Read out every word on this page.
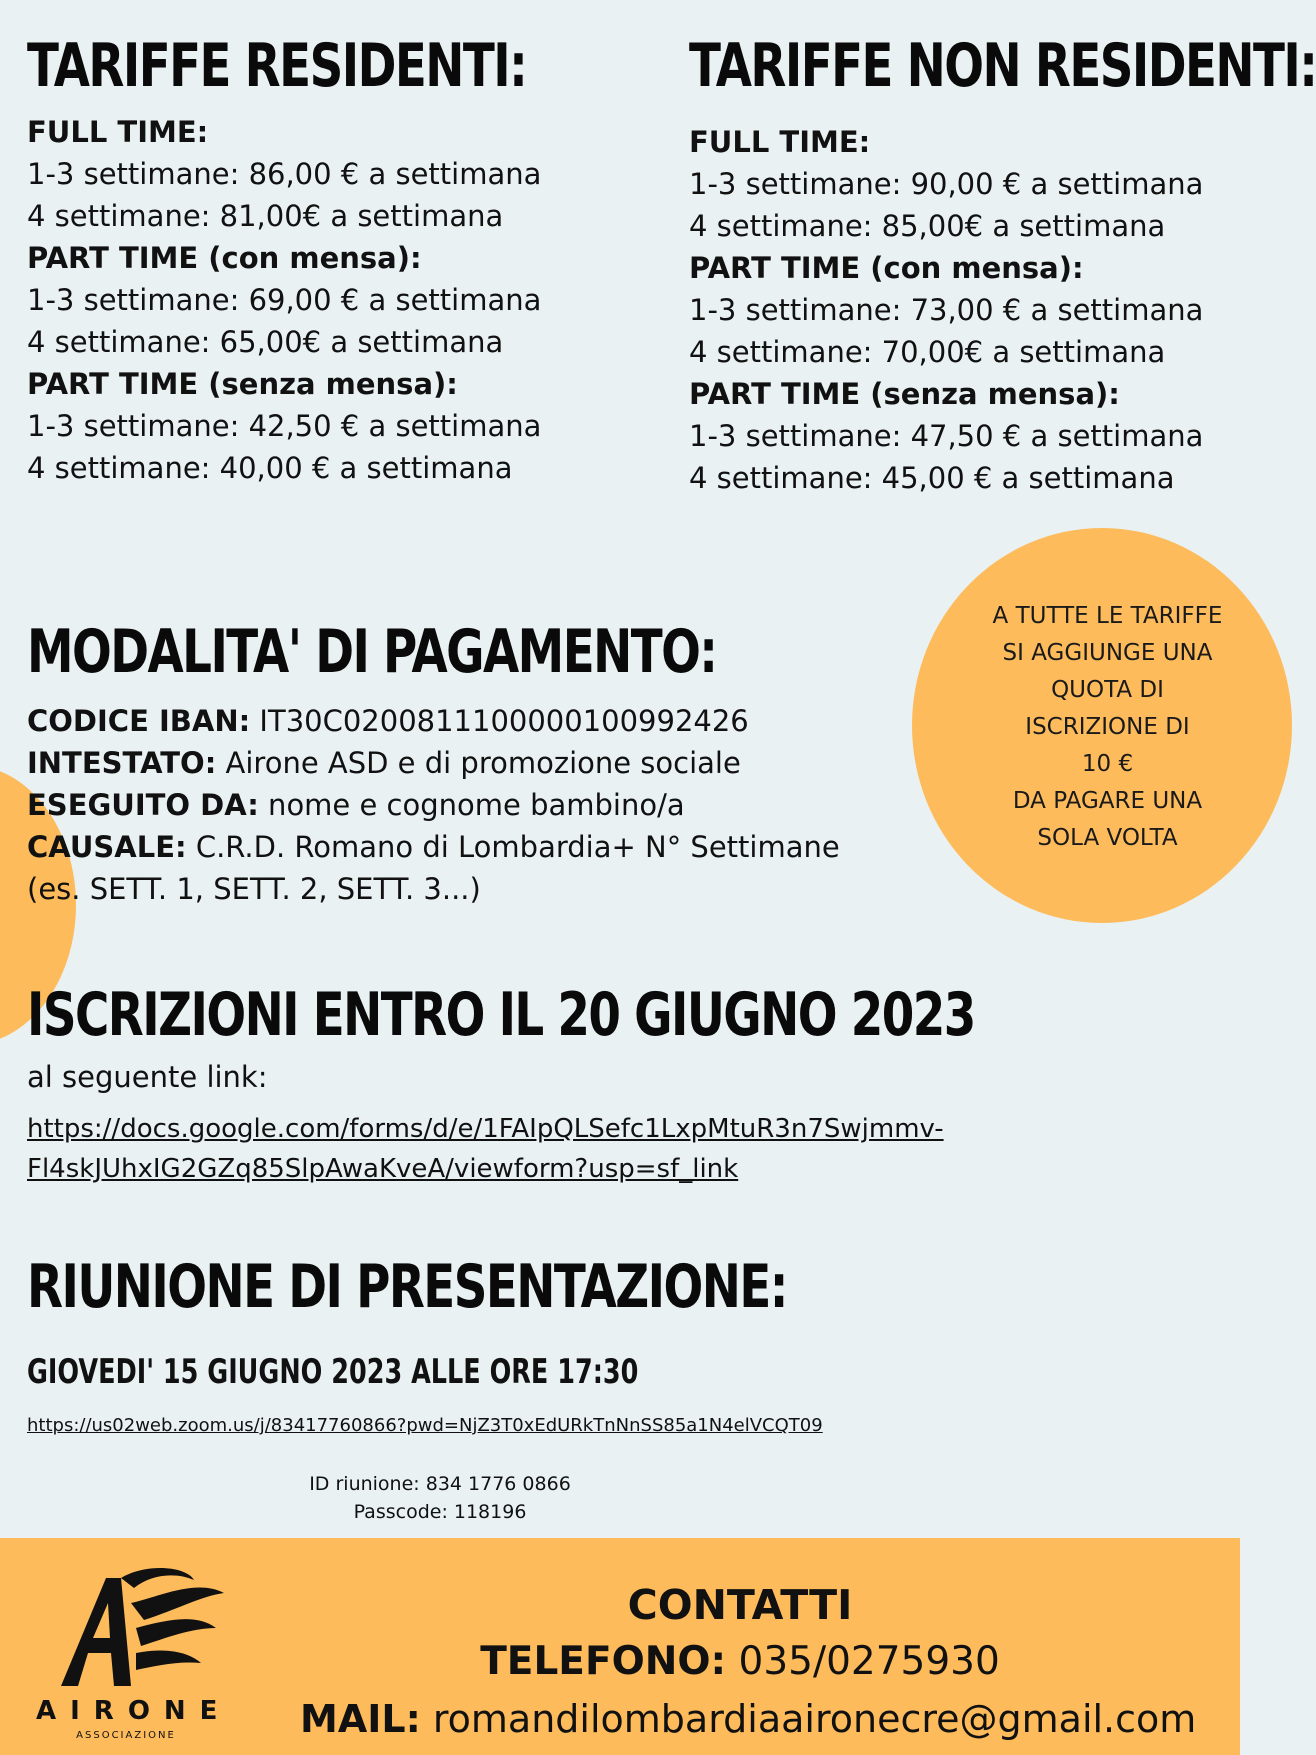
TARIFFE RESIDENTI:
FULL TIME:
1-3 settimane: 86,00 € a settimana
4 settimane: 81,00€ a settimana
PART TIME (con mensa):
1-3 settimane: 69,00 € a settimana
4 settimane: 65,00€ a settimana
PART TIME (senza mensa):
1-3 settimane: 42,50 € a settimana
4 settimane: 40,00 € a settimana
TARIFFE NON RESIDENTI:
FULL TIME:
1-3 settimane: 90,00 € a settimana
4 settimane: 85,00€ a settimana
PART TIME (con mensa):
1-3 settimane: 73,00 € a settimana
4 settimane: 70,00€ a settimana
PART TIME (senza mensa):
1-3 settimane: 47,50 € a settimana
4 settimane: 45,00 € a settimana
A TUTTE LE TARIFFE
SI AGGIUNGE UNA
QUOTA DI
ISCRIZIONE DI
10 €
DA PAGARE UNA
SOLA VOLTA
MODALITA' DI PAGAMENTO:
CODICE IBAN: IT30C0200811100000100992426
INTESTATO: Airone ASD e di promozione sociale
ESEGUITO DA: nome e cognome bambino/a
CAUSALE: C.R.D. Romano di Lombardia+ N° Settimane
(es. SETT. 1, SETT. 2, SETT. 3...)
ISCRIZIONI ENTRO IL 20 GIUGNO 2023
al seguente link:
https://docs.google.com/forms/d/e/1FAIpQLSefc1LxpMtuR3n7Swjmmv-
Fl4skJUhxIG2GZq85SlpAwaKveA/viewform?usp=sf_link
RIUNIONE DI PRESENTAZIONE:
GIOVEDI' 15 GIUGNO 2023 ALLE ORE 17:30
https://us02web.zoom.us/j/83417760866?pwd=NjZ3T0xEdURkTnNnSS85a1N4elVCQT09
ID riunione: 834 1776 0866
Passcode: 118196
AIRONE
ASSOCIAZIONE
CONTATTI
TELEFONO: 035/0275930
MAIL: romandilombardiaaironecre@gmail.com
